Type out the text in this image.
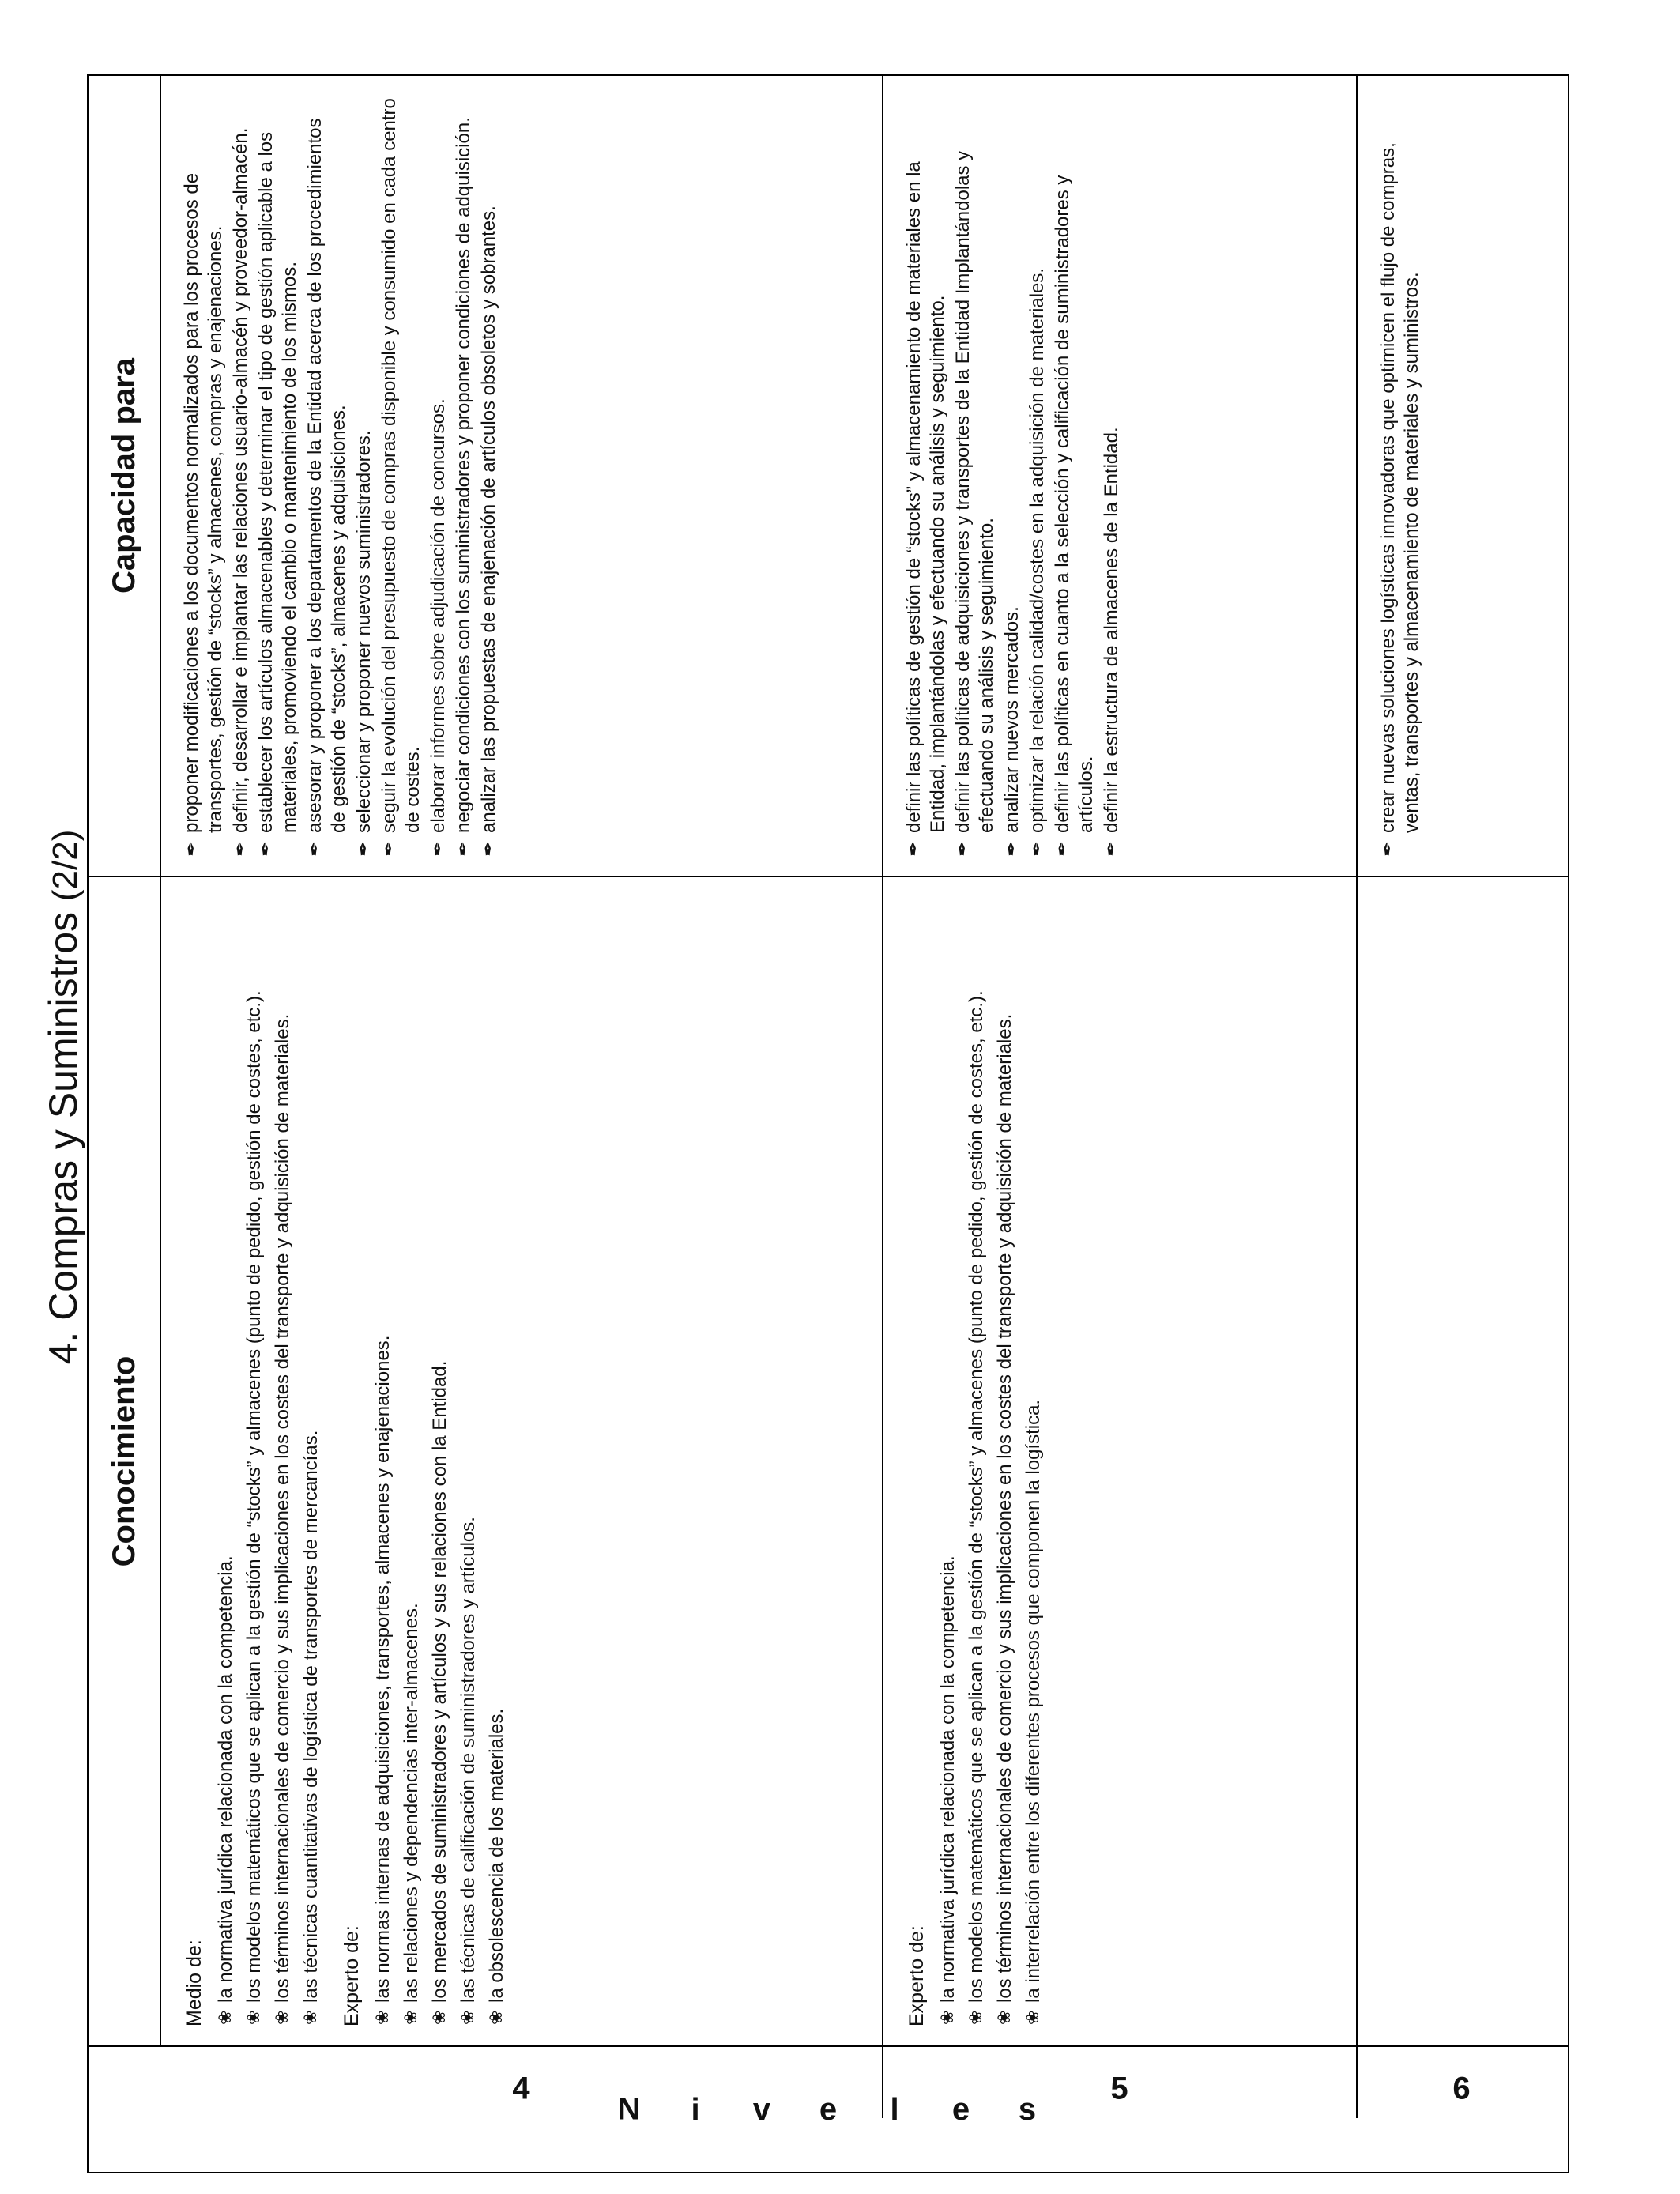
4. Compras y Suministros (2/2)
N i v e l e s
4	5	6
Conocimiento
Capacidad para
Medio de: ❀
la normativa jurídica relacionada con la competencia.
❀
los modelos matemáticos que se aplican a la gestión de “stocks” y almacenes (punto de pedido, gestión de costes, etc.).
❀
los términos internacionales de comercio y sus implicaciones en los costes del transporte y adquisición de materiales.
❀
las técnicas cuantitativas de logística de transportes de mercancías. Experto de: ❀
las normas internas de adquisiciones, transportes, almacenes y enajenaciones.
❀
las relaciones y dependencias inter-almacenes.
❀
los mercados de suministradores y artículos y sus relaciones con la Entidad.
❀
las técnicas de calificación de suministradores y artículos.
❀
la obsolescencia de los materiales.
✒
proponer modificaciones a los documentos normalizados para los procesos de transportes, gestión de “stocks” y almacenes, compras y enajenaciones.
✒
definir, desarrollar e implantar las relaciones usuario-almacén y proveedor-almacén.
✒
establecer los artículos almacenables y determinar el tipo de gestión aplicable a los materiales, promoviendo el cambio o mantenimiento de los mismos.
✒
asesorar y proponer a los departamentos de la Entidad acerca de los procedimientos de gestión de “stocks”, almacenes y adquisiciones.
✒
seleccionar y proponer nuevos suministradores.
✒
seguir la evolución del presupuesto de compras disponible y consumido en cada centro de costes.
✒
elaborar informes sobre adjudicación de concursos.
✒
negociar condiciones con los suministradores y proponer condiciones de adquisición.
✒
analizar las propuestas de enajenación de artículos obsoletos y sobrantes.
Experto de: ❀
la normativa jurídica relacionada con la competencia.
❀
los modelos matemáticos que se aplican a la gestión de “stocks” y almacenes (punto de pedido, gestión de costes, etc.).
❀
los términos internacionales de comercio y sus implicaciones en los costes del transporte y adquisición de materiales.
❀
la interrelación entre los diferentes procesos que componen la logística.
✒
definir las políticas de gestión de “stocks” y almacenamiento de materiales en la Entidad, implantándolas y efectuando su análisis y seguimiento.
✒
definir las políticas de adquisiciones y transportes de la Entidad Implantándolas y efectuando su análisis y seguimiento.
✒
analizar nuevos mercados.
✒
optimizar la relación calidad/costes en la adquisición de materiales.
✒
definir las políticas en cuanto a la selección y calificación de suministradores y artículos.
✒
definir la estructura de almacenes de la Entidad.
✒
crear nuevas soluciones logísticas innovadoras que optimicen el flujo de compras, ventas, transportes y almacenamiento de materiales y suministros.
